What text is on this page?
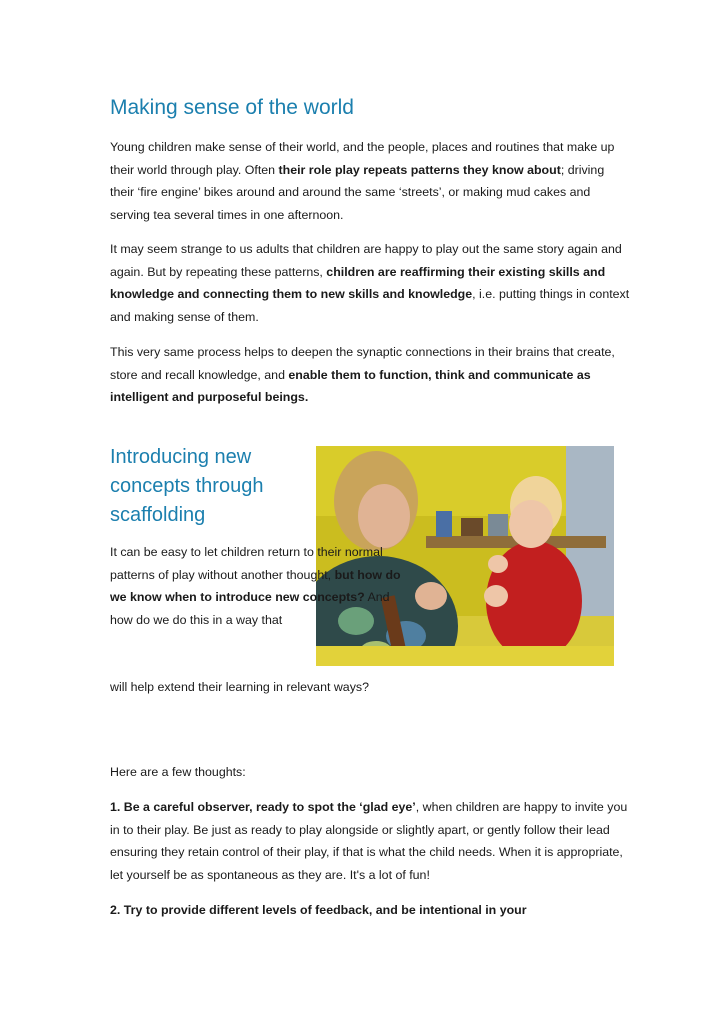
Making sense of the world

Young children make sense of their world, and the people, places and routines that make up their world through play. Often their role play repeats patterns they know about; driving their ‘fire engine’ bikes around and around the same ‘streets’, or making mud cakes and serving tea several times in one afternoon.

It may seem strange to us adults that children are happy to play out the same story again and again. But by repeating these patterns, children are reaffirming their existing skills and knowledge and connecting them to new skills and knowledge, i.e. putting things in context and making sense of them.

This very same process helps to deepen the synaptic connections in their brains that create, store and recall knowledge, and enable them to function, think and communicate as intelligent and purposeful beings.

Introducing new concepts through scaffolding

It can be easy to let children return to their normal patterns of play without another thought, but how do we know when to introduce new concepts? And how do we do this in a way that

will help extend their learning in relevant ways?

Here are a few thoughts:

1. Be a careful observer, ready to spot the ‘glad eye’, when children are happy to invite you in to their play. Be just as ready to play alongside or slightly apart, or gently follow their lead ensuring they retain control of their play, if that is what the child needs. When it is appropriate, let yourself be as spontaneous as they are. It's a lot of fun!

2. Try to provide different levels of feedback, and be intentional in your
